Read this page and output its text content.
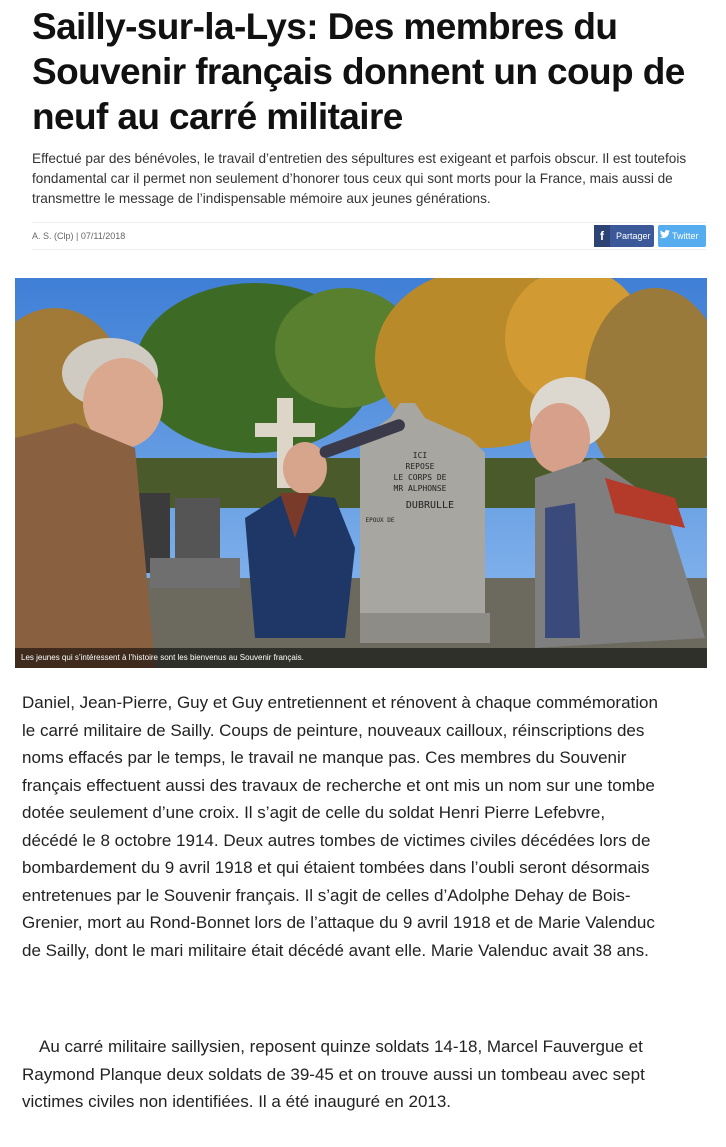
Sailly-sur-la-Lys: Des membres du Souvenir français donnent un coup de neuf au carré militaire

Effectué par des bénévoles, le travail d’entretien des sépultures est exigeant et parfois obscur. Il est toutefois fondamental car il permet non seulement d’honorer tous ceux qui sont morts pour la France, mais aussi de transmettre le message de l’indispensable mémoire aux jeunes générations.

A. S. (Clp) | 07/11/2018	f	Partager Twitter
ICI
REPOSE
LE CORPS DE
MR ALPHONSE
DUBRULLE
EPOUX DE
Les jeunes qui s’intéressent à l’histoire sont les bienvenus au Souvenir français.

Daniel, Jean-Pierre, Guy et Guy entretiennent et rénovent à chaque commémoration le carré militaire de Sailly. Coups de peinture, nouveaux cailloux, réinscriptions des noms effacés par le temps, le travail ne manque pas. Ces membres du Souvenir français effectuent aussi des travaux de recherche et ont mis un nom sur une tombe dotée seulement d’une croix. Il s’agit de celle du soldat Henri Pierre Lefebvre, décédé le 8 octobre 1914. Deux autres tombes de victimes civiles décédées lors de bombardement du 9 avril 1918 et qui étaient tombées dans l’oubli seront désormais entretenues par le Souvenir français. Il s’agit de celles d’Adolphe Dehay de Bois-Grenier, mort au Rond-Bonnet lors de l’attaque du 9 avril 1918 et de Marie Valenduc de Sailly, dont le mari militaire était décédé avant elle. Marie Valenduc avait 38 ans.

Au carré militaire saillysien, reposent quinze soldats 14-18, Marcel Fauvergue et Raymond Planque deux soldats de 39-45 et on trouve aussi un tombeau avec sept victimes civiles non identifiées. Il a été inauguré en 2013.
